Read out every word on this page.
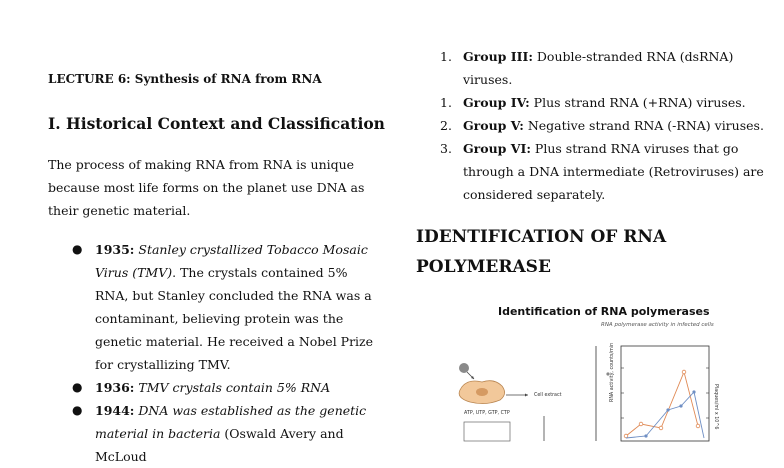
LECTURE 6: Synthesis of RNA from RNA
I. Historical Context and Classification

The process of making RNA from RNA is unique because most life forms on the planet use DNA as their genetic material.

● 1935: Stanley crystallized Tobacco Mosaic Virus (TMV). The crystals contained 5% RNA, but Stanley concluded the RNA was a contaminant, believing protein was the genetic material. He received a Nobel Prize for crystallizing TMV.
● 1936: TMV crystals contain 5% RNA
● 1944: DNA was established as the genetic material in bacteria (Oswald Avery and McLoud
1. Group III: Double-stranded RNA (dsRNA) viruses.
1. Group IV: Plus strand RNA (+RNA) viruses.
2. Group V: Negative strand RNA (-RNA) viruses.
3. Group VI: Plus strand RNA viruses that go through a DNA intermediate (Retroviruses) are considered separately.
IDENTIFICATION OF RNA POLYMERASE
Identification of RNA polymerases
RNA polymerase activity in infected cells
Cell extract
ATP, UTP, GTP, CTP
RNA activity, counts/min
Plaques/ml x 10^6
